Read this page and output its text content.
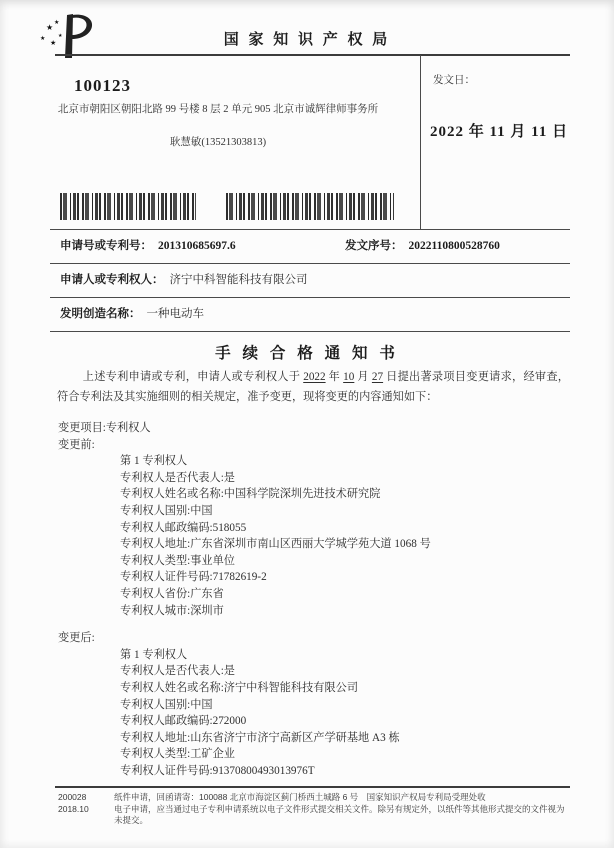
★ ★
★ ★
★	国 家 知 识 产 权 局
100123
北京市朝阳区朝阳北路 99 号楼 8 层 2 单元 905 北京市诚辉律师事务所
耿慧敏(13521303813)
发文日：
2022 年 11 月 11 日
申请号或专利号： 201310685697.6	发文序号： 2022110800528760
申请人或专利权人： 济宁中科智能科技有限公司
发明创造名称： 一种电动车
手 续 合 格 通 知 书
上述专利申请或专利，申请人或专利权人于 2022 年 10 月 27 日提出著录项目变更请求，经审查，符合专利法及其实施细则的相关规定，准予变更，现将变更的内容通知如下：
变更项目:专利权人
变更前:
第 1 专利权人
专利权人是否代表人:是
专利权人姓名或名称:中国科学院深圳先进技术研究院
专利权人国别:中国
专利权人邮政编码:518055
专利权人地址:广东省深圳市南山区西丽大学城学苑大道 1068 号
专利权人类型:事业单位
专利权人证件号码:71782619-2
专利权人省份:广东省
专利权人城市:深圳市
变更后:
第 1 专利权人
专利权人是否代表人:是
专利权人姓名或名称:济宁中科智能科技有限公司
专利权人国别:中国
专利权人邮政编码:272000
专利权人地址:山东省济宁市济宁高新区产学研基地 A3 栋
专利权人类型:工矿企业
专利权人证件号码:91370800493013976T
200028
2018.10
纸件申请，回函请寄：100088 北京市海淀区蓟门桥西土城路 6 号　国家知识产权局专利局受理处收
电子申请，应当通过电子专利申请系统以电子文件形式提交相关文件。除另有规定外，以纸件等其他形式提交的文件视为未提交。
